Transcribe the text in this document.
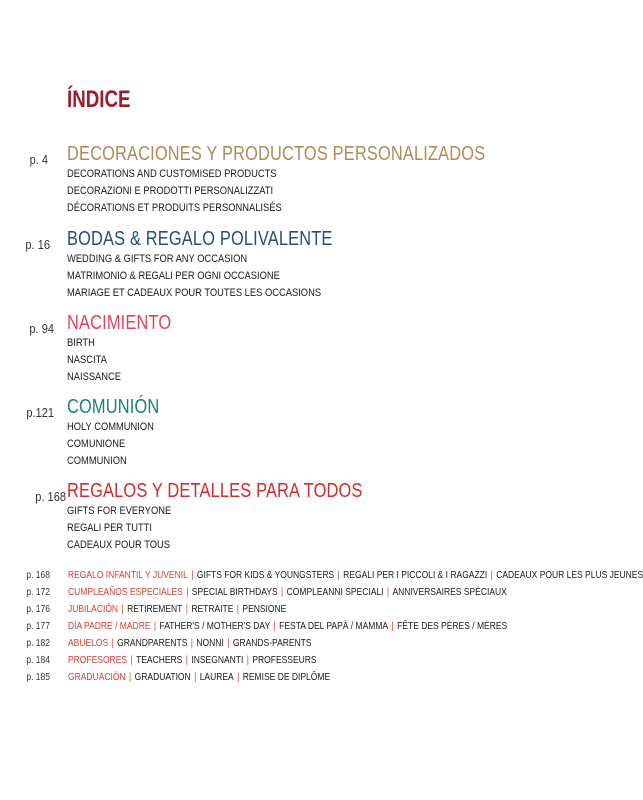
ÍNDICE
p. 4 DECORACIONES Y PRODUCTOS PERSONALIZADOS
DECORATIONS AND CUSTOMISED PRODUCTS
DECORAZIONI E PRODOTTI PERSONALIZZATI
DÉCORATIONS ET PRODUITS PERSONNALISÉS
p. 16 BODAS & REGALO POLIVALENTE
WEDDING & GIFTS FOR ANY OCCASION
MATRIMONIO & REGALI PER OGNI OCCASIONE
MARIAGE ET CADEAUX POUR TOUTES LES OCCASIONS
p. 94 NACIMIENTO
BIRTH
NASCITA
NAISSANCE
p.121 COMUNIÓN
HOLY COMMUNION
COMUNIONE
COMMUNION
p. 168 REGALOS Y DETALLES PARA TODOS
GIFTS FOR EVERYONE
REGALI PER TUTTI
CADEAUX POUR TOUS
p. 168 REGALO INFANTIL Y JUVENIL | GIFTS FOR KIDS & YOUNGSTERS | REGALI PER I PICCOLI & I RAGAZZI | CADEAUX POUR LES PLUS JEUNES
p. 172 CUMPLEAÑOS ESPECIALES | SPECIAL BIRTHDAYS | COMPLEANNI SPECIALI | ANNIVERSAIRES SPÉCIAUX
p. 176 JUBILACIÓN | RETIREMENT | RETRAITE | PENSIONE
p. 177 DÍA PADRE / MADRE | FATHER'S / MOTHER'S DAY | FESTA DEL PAPÀ / MAMMA | FÊTE DES PÈRES / MÈRES
p. 182 ABUELOS | GRANDPARENTS | NONNI | GRANDS-PARENTS
p. 184 PROFESORES | TEACHERS | INSEGNANTI | PROFESSEURS
p. 185 GRADUACIÓN | GRADUATION | LAUREA | REMISE DE DIPLÔME
